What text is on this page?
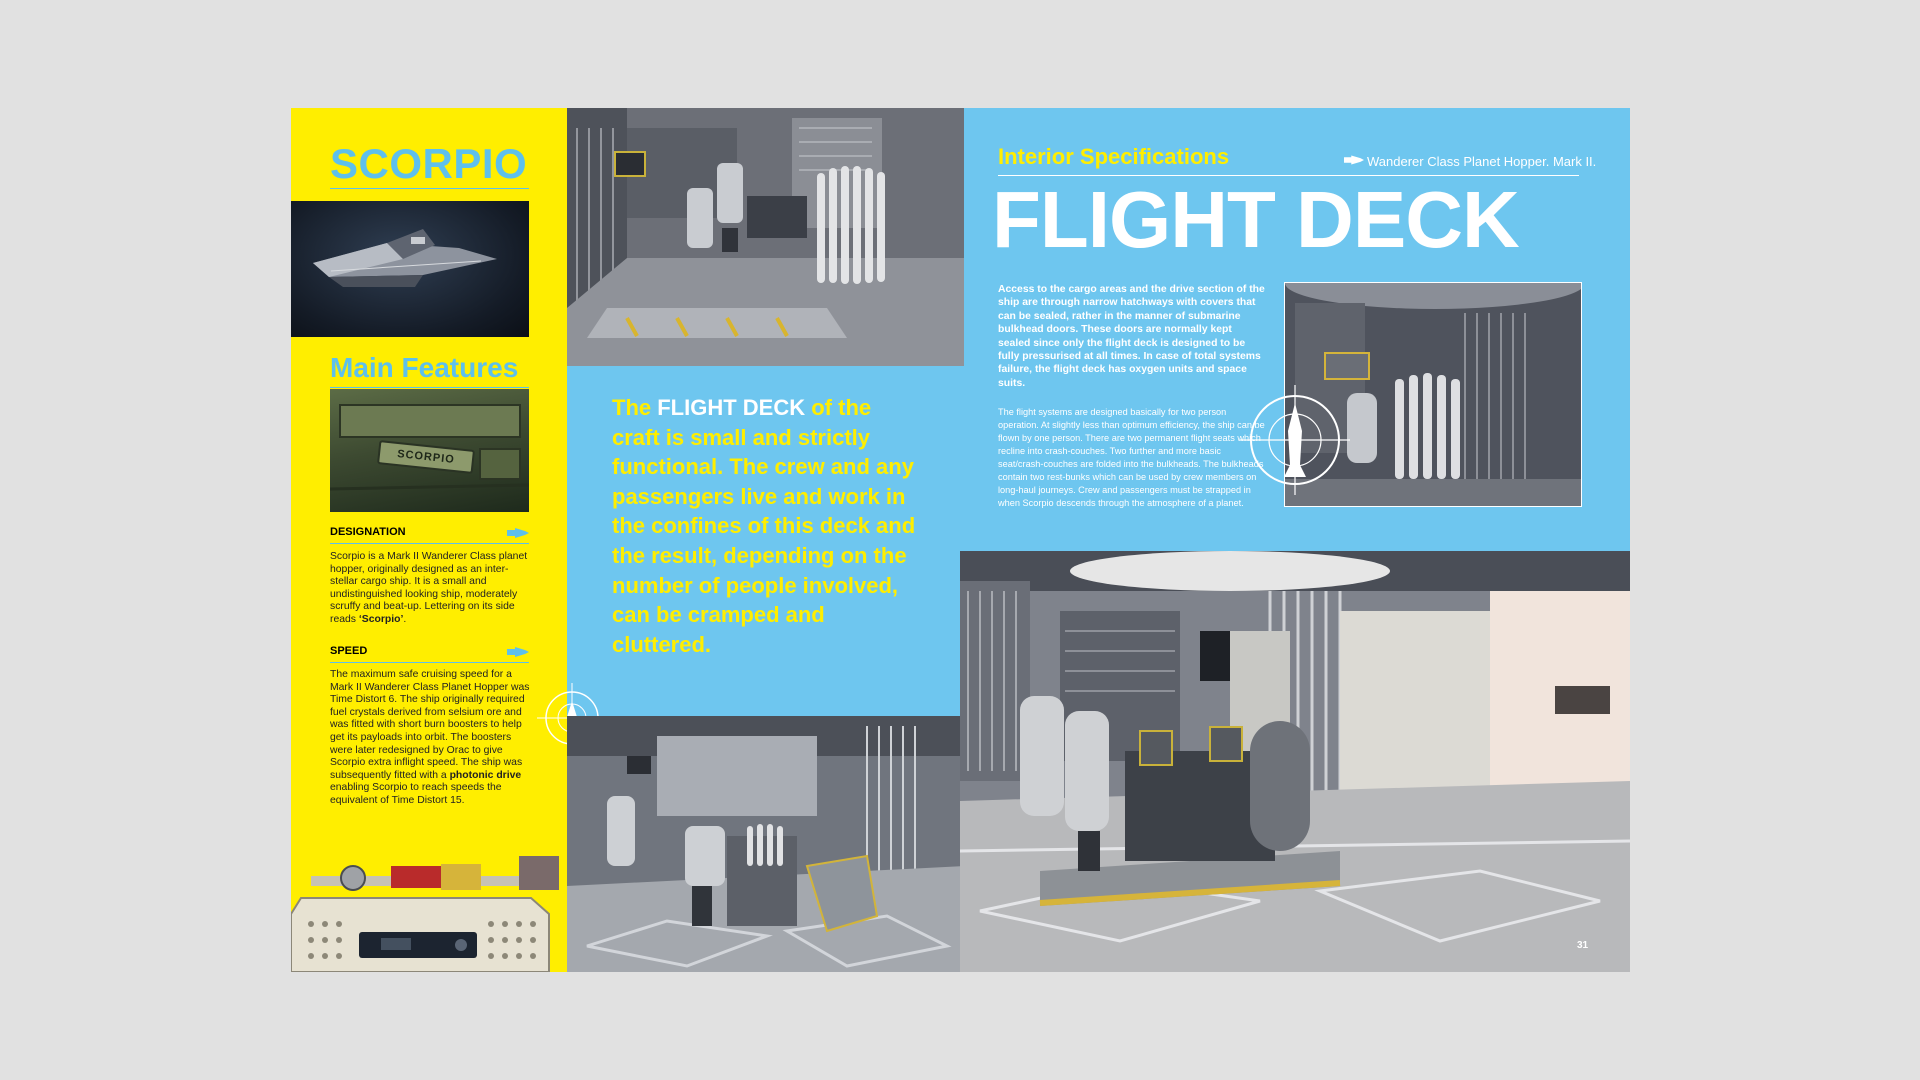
SCORPIO
Main Features
SCORPIO

DESIGNATION

Scorpio is a Mark II Wanderer Class planet hopper, originally designed as an inter-stellar cargo ship. It is a small and undistinguished looking ship, moderately scruffy and beat-up. Lettering on its side reads ‘Scorpio’.

SPEED

The maximum safe cruising speed for a Mark II Wanderer Class Planet Hopper was Time Distort 6. The ship originally required fuel crystals derived from selsium ore and was fitted with short burn boosters to help get its payloads into orbit. The boosters were later redesigned by Orac to give Scorpio extra inflight speed. The ship was subsequently fitted with a photonic drive enabling Scorpio to reach speeds the equivalent of Time Distort 15.

The FLIGHT DECK of the craft is small and strictly functional. The crew and any passengers live and work in the confines of this deck and the result, depending on the number of people involved, can be cramped and cluttered.

Interior Specifications	Wanderer Class Planet Hopper. Mark II.

FLIGHT DECK

Access to the cargo areas and the drive section of the ship are through narrow hatchways with covers that can be sealed, rather in the manner of submarine bulkhead doors. These doors are normally kept sealed since only the flight deck is designed to be fully pressurised at all times. In case of total systems failure, the flight deck has oxygen units and space suits.

The flight systems are designed basically for two person operation. At slightly less than optimum efficiency, the ship can be flown by one person. There are two permanent flight seats which recline into crash-couches. Two further and more basic seat/crash-couches are folded into the bulkheads. The bulkheads contain two rest-bunks which can be used by crew members on long-haul journeys. Crew and passengers must be strapped in when Scorpio descends through the atmosphere of a planet.

31
